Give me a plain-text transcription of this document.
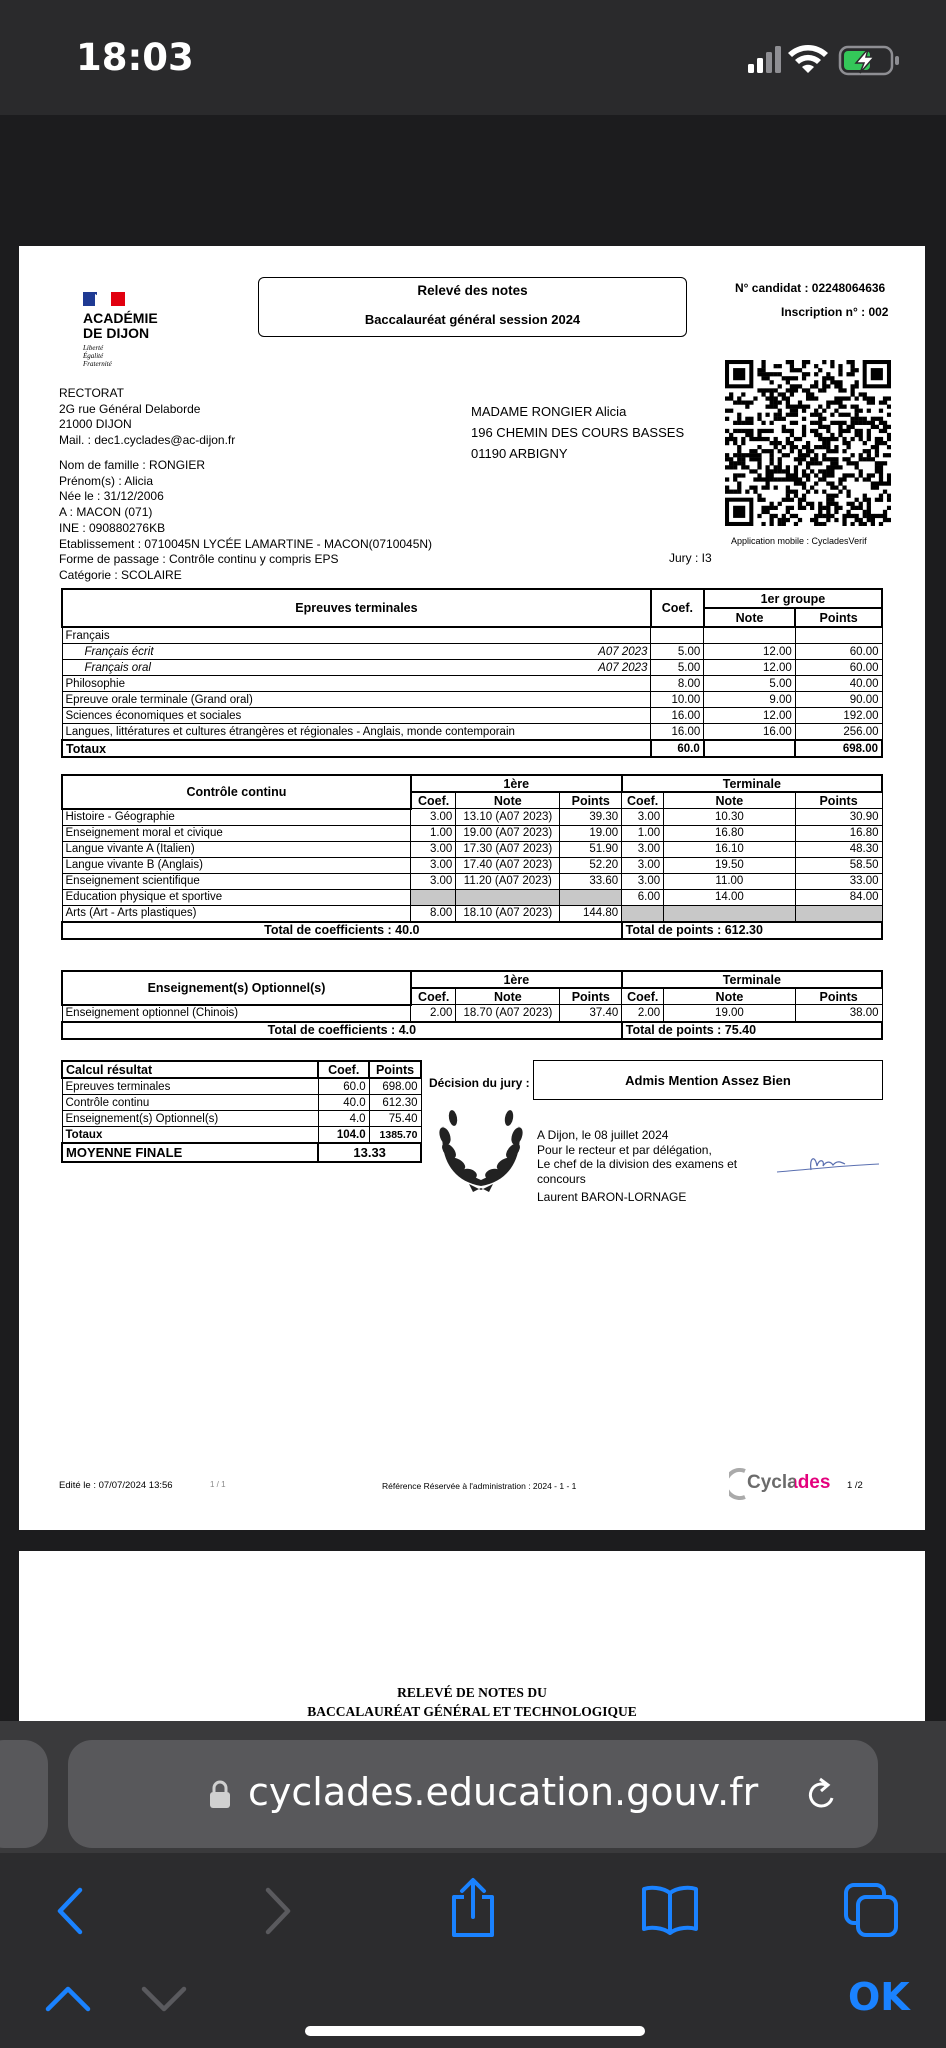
18:03
ACADÉMIE
DE DIJON
Liberté
Égalité
Fraternité
Relevé des notes
Baccalauréat général session 2024
N° candidat : 02248064636
Inscription n° : 002
RECTORAT
2G rue Général Delaborde
21000 DIJON
Mail. : dec1.cyclades@ac-dijon.fr
MADAME RONGIER Alicia
196 CHEMIN DES COURS BASSES
01190 ARBIGNY
Application mobile : CycladesVerif
Nom de famille : RONGIER
Prénom(s) : Alicia
Née le : 31/12/2006
A : MACON (071)
INE : 090880276KB
Etablissement : 0710045N LYCÉE LAMARTINE - MACON(0710045N)
Forme de passage : Contrôle continu y compris EPS
Catégorie : SCOLAIRE
Jury : I3
Epreuves terminales	Coef.	1er groupe	
		Note	Points
Français			
Français écrit A07 2023	5.00	12.00	60.00
Français oral A07 2023	5.00	12.00	60.00
Philosophie	8.00	5.00	40.00
Epreuve orale terminale (Grand oral)	10.00	9.00	90.00
Sciences économiques et sociales	16.00	12.00	192.00
Langues, littératures et cultures étrangères et régionales - Anglais, monde contemporain	16.00	16.00	256.00
Totaux	60.0		698.00
Contrôle continu	1ère			Terminale		
	Coef.	Note	Points	Coef.	Note	Points
Histoire - Géographie	3.00	13.10 (A07 2023)	39.30	3.00	10.30	30.90
Enseignement moral et civique	1.00	19.00 (A07 2023)	19.00	1.00	16.80	16.80
Langue vivante A (Italien)	3.00	17.30 (A07 2023)	51.90	3.00	16.10	48.30
Langue vivante B (Anglais)	3.00	17.40 (A07 2023)	52.20	3.00	19.50	58.50
Enseignement scientifique	3.00	11.20 (A07 2023)	33.60	3.00	11.00	33.00
Education physique et sportive				6.00	14.00	84.00
Arts (Art - Arts plastiques)	8.00	18.10 (A07 2023)	144.80			
Total de coefficients : 40.0				Total de points : 612.30		
Enseignement(s) Optionnel(s)	1ère			Terminale		
	Coef.	Note	Points	Coef.	Note	Points
Enseignement optionnel (Chinois)	2.00	18.70 (A07 2023)	37.40	2.00	19.00	38.00
Total de coefficients : 4.0				Total de points : 75.40		
Calcul résultat	Coef.	Points
Epreuves terminales	60.0	698.00
Contrôle continu	40.0	612.30
Enseignement(s) Optionnel(s)	4.0	75.40
Totaux	104.0	1385.70
MOYENNE FINALE	13.33	
Décision du jury :	Admis Mention Assez Bien
A Dijon, le 08 juillet 2024
Pour le recteur et par délégation,
Le chef de la division des examens et
concours
Laurent BARON-LORNAGE
Edité le : 07/07/2024 13:56	1 / 1	Référence Réservée à l'administration : 2024 - 1 - 1	Cyclades 1 /2
RELEVÉ DE NOTES DU
BACCALAURÉAT GÉNÉRAL ET TECHNOLOGIQUE
cyclades.education.gouv.fr
OK
